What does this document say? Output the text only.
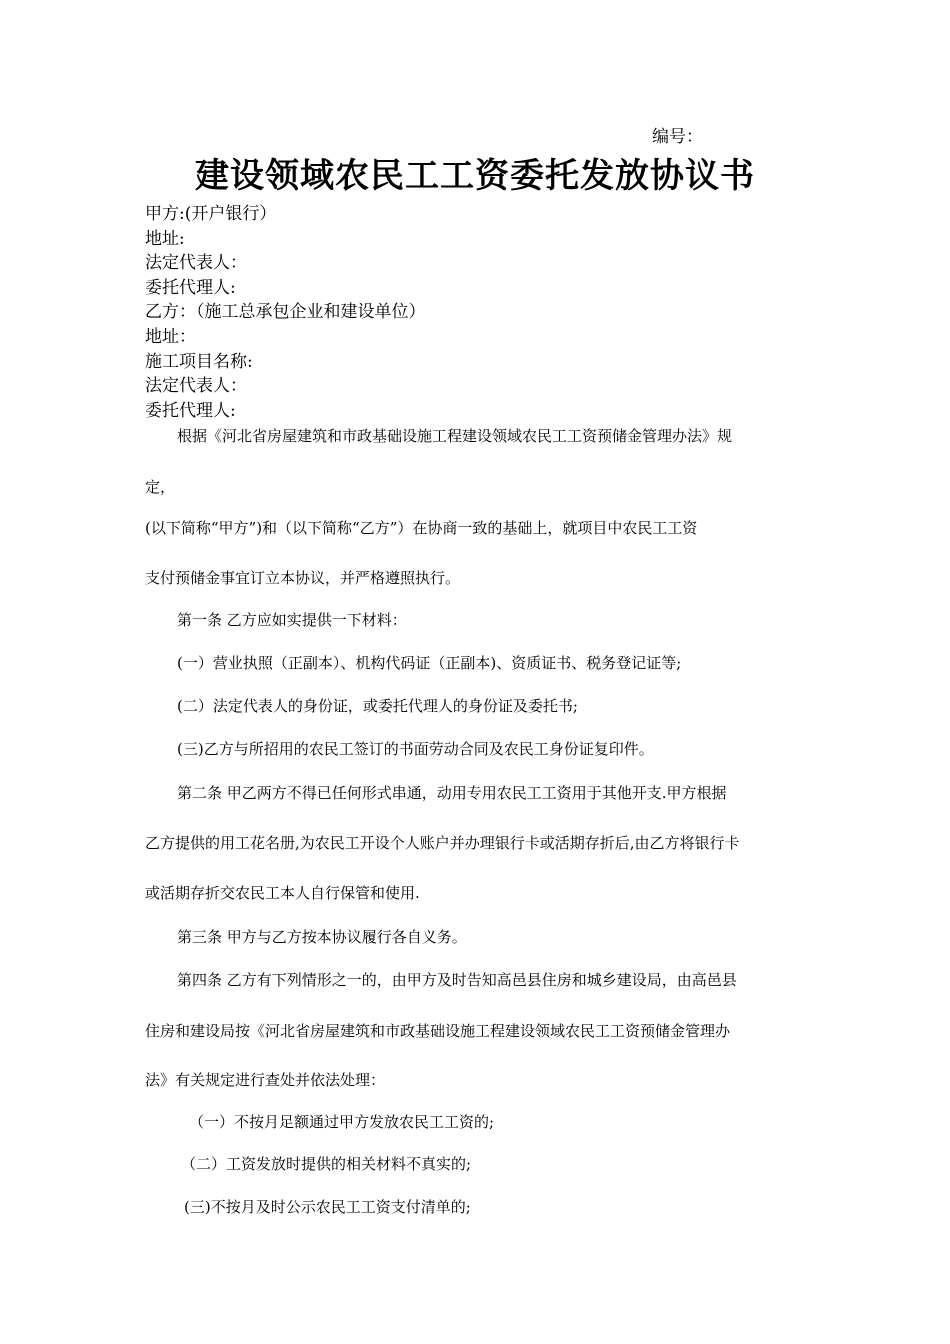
编号：
建设领域农民工工资委托发放协议书
甲方:(开户银行）
地址:
法定代表人：
委托代理人:
乙方：（施工总承包企业和建设单位）
地址：
施工项目名称:
法定代表人：
委托代理人:
根据《河北省房屋建筑和市政基础设施工程建设领域农民工工资预储金管理办法》规
定，
(以下简称“甲方”)和（以下简称“乙方”）在协商一致的基础上，就项目中农民工工资
支付预储金事宜订立本协议，并严格遵照执行。
第一条 乙方应如实提供一下材料：
(一）营业执照（正副本）、机构代码证（正副本)、资质证书、税务登记证等;
(二）法定代表人的身份证，或委托代理人的身份证及委托书;
(三)乙方与所招用的农民工签订的书面劳动合同及农民工身份证复印件。
第二条 甲乙两方不得已任何形式串通，动用专用农民工工资用于其他开支.甲方根据
乙方提供的用工花名册,为农民工开设个人账户并办理银行卡或活期存折后,由乙方将银行卡
或活期存折交农民工本人自行保管和使用.
第三条 甲方与乙方按本协议履行各自义务。
第四条 乙方有下列情形之一的，由甲方及时告知高邑县住房和城乡建设局，由高邑县
住房和建设局按《河北省房屋建筑和市政基础设施工程建设领域农民工工资预储金管理办
法》有关规定进行查处并依法处理：
（一）不按月足额通过甲方发放农民工工资的;
（二）工资发放时提供的相关材料不真实的;
(三)不按月及时公示农民工工资支付清单的;
